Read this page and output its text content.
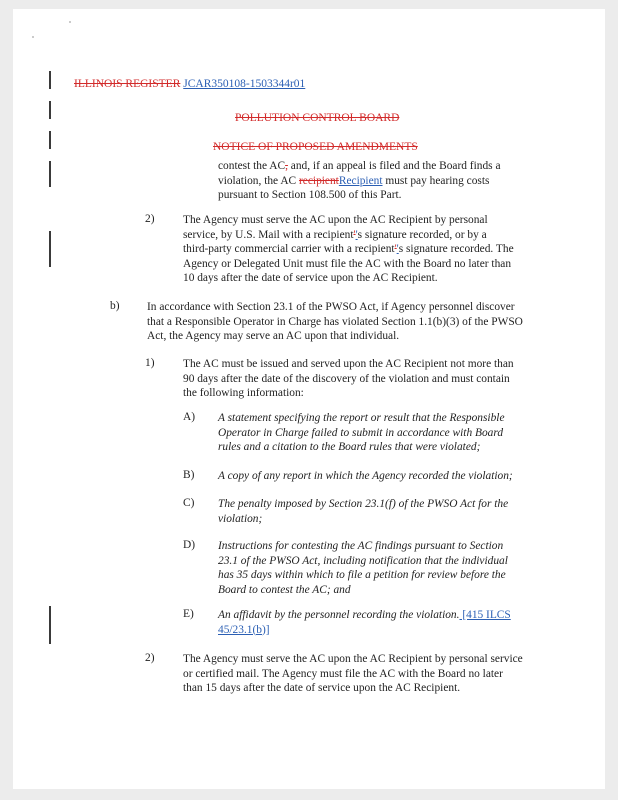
ILLINOIS REGISTER JCAR350108-1503344r01
POLLUTION CONTROL BOARD
NOTICE OF PROPOSED AMENDMENTS
contest the AC, and, if an appeal is filed and the Board finds a
violation, the AC recipientRecipient must pay hearing costs
pursuant to Section 108.500 of this Part.
2)	The Agency must serve the AC upon the AC Recipient by personal
service, by U.S. Mail with a recipient''s signature recorded, or by a
third-party commercial carrier with a recipient''s signature recorded. The
Agency or Delegated Unit must file the AC with the Board no later than
10 days after the date of service upon the AC Recipient.
b) In accordance with Section 23.1 of the PWSO Act, if Agency personnel discover
that a Responsible Operator in Charge has violated Section 1.1(b)(3) of the PWSO
Act, the Agency may serve an AC upon that individual.
1)	The AC must be issued and served upon the AC Recipient not more than
90 days after the date of the discovery of the violation and must contain
the following information:
A) A statement specifying the report or result that the Responsible
Operator in Charge failed to submit in accordance with Board
rules and a citation to the Board rules that were violated;
B) A copy of any report in which the Agency recorded the violation;
C) The penalty imposed by Section 23.1(f) of the PWSO Act for the
violation;
D) Instructions for contesting the AC findings pursuant to Section
23.1 of the PWSO Act, including notification that the individual
has 35 days within which to file a petition for review before the
Board to contest the AC; and
E) An affidavit by the personnel recording the violation. [415 ILCS
45/23.1(b)]
2)	The Agency must serve the AC upon the AC Recipient by personal service
or certified mail. The Agency must file the AC with the Board no later
than 15 days after the date of service upon the AC Recipient.
